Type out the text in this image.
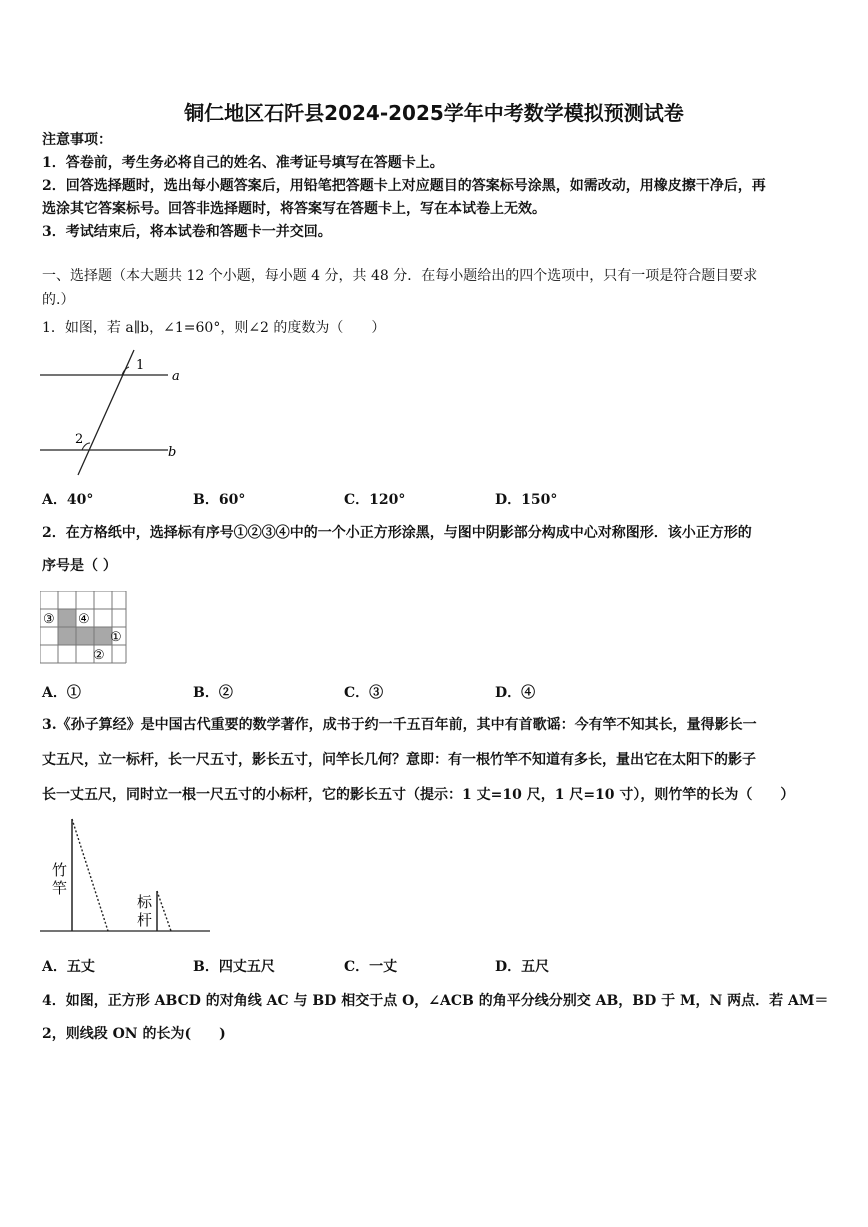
铜仁地区石阡县2024-2025学年中考数学模拟预测试卷
注意事项：
1．答卷前，考生务必将自己的姓名、准考证号填写在答题卡上。
2．回答选择题时，选出每小题答案后，用铅笔把答题卡上对应题目的答案标号涂黑，如需改动，用橡皮擦干净后，再
选涂其它答案标号。回答非选择题时，将答案写在答题卡上，写在本试卷上无效。
3．考试结束后，将本试卷和答题卡一并交回。
一、选择题（本大题共 12 个小题，每小题 4 分，共 48 分．在每小题给出的四个选项中，只有一项是符合题目要求
的.）
1．如图，若 a∥b，∠1=60°，则∠2 的度数为（　　）
1
2
a
b
A．40°	B．60°	C．120°	D．150°
2．在方格纸中，选择标有序号①②③④中的一个小正方形涂黑，与图中阴影部分构成中心对称图形．该小正方形的
序号是（ ）
③ ④
①
②
A．①	B．②	C．③	D．④
3.《孙子算经》是中国古代重要的数学著作，成书于约一千五百年前，其中有首歌谣：今有竿不知其长，量得影长一
丈五尺，立一标杆，长一尺五寸，影长五寸，问竿长几何？意即：有一根竹竿不知道有多长，量出它在太阳下的影子
长一丈五尺，同时立一根一尺五寸的小标杆，它的影长五寸（提示：1 丈=10 尺，1 尺=10 寸），则竹竿的长为（　　）
竹
竿
标
杆
A．五丈	B．四丈五尺	C．一丈	D．五尺
4．如图，正方形 ABCD 的对角线 AC 与 BD 相交于点 O，∠ACB 的角平分线分别交 AB，BD 于 M，N 两点．若 AM＝
2，则线段 ON 的长为(　　)
